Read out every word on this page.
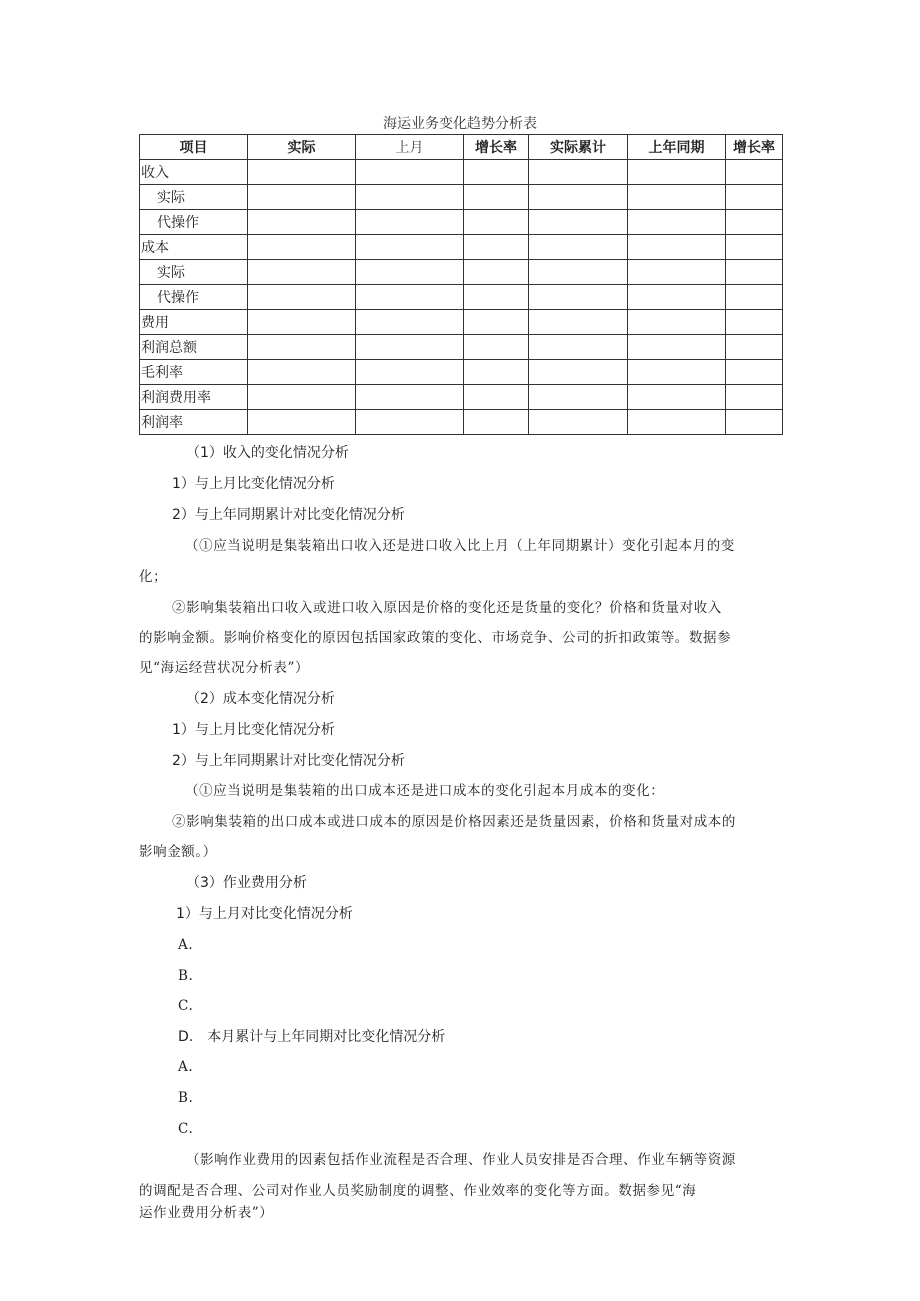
海运业务变化趋势分析表
项目	实际	上月	增长率	实际累计	上年同期	增长率
收入						
实际						
代操作						
成本						
实际						
代操作						
费用						
利润总额						
毛利率						
利润费用率						
利润率						
（1）收入的变化情况分析
1）与上月比变化情况分析
2）与上年同期累计对比变化情况分析
（①应当说明是集装箱出口收入还是进口收入比上月（上年同期累计）变化引起本月的变
化；
②影响集装箱出口收入或进口收入原因是价格的变化还是货量的变化？价格和货量对收入
的影响金额。影响价格变化的原因包括国家政策的变化、市场竞争、公司的折扣政策等。数据参
见“海运经营状况分析表”）
（2）成本变化情况分析
1）与上月比变化情况分析
2）与上年同期累计对比变化情况分析
（①应当说明是集装箱的出口成本还是进口成本的变化引起本月成本的变化：
②影响集装箱的出口成本或进口成本的原因是价格因素还是货量因素，价格和货量对成本的
影响金额。）
（3）作业费用分析
1）与上月对比变化情况分析
A.
B.
C.
D.　本月累计与上年同期对比变化情况分析
A.
B.
C.
（影响作业费用的因素包括作业流程是否合理、作业人员安排是否合理、作业车辆等资源
的调配是否合理、公司对作业人员奖励制度的调整、作业效率的变化等方面。数据参见“海
运作业费用分析表”）
